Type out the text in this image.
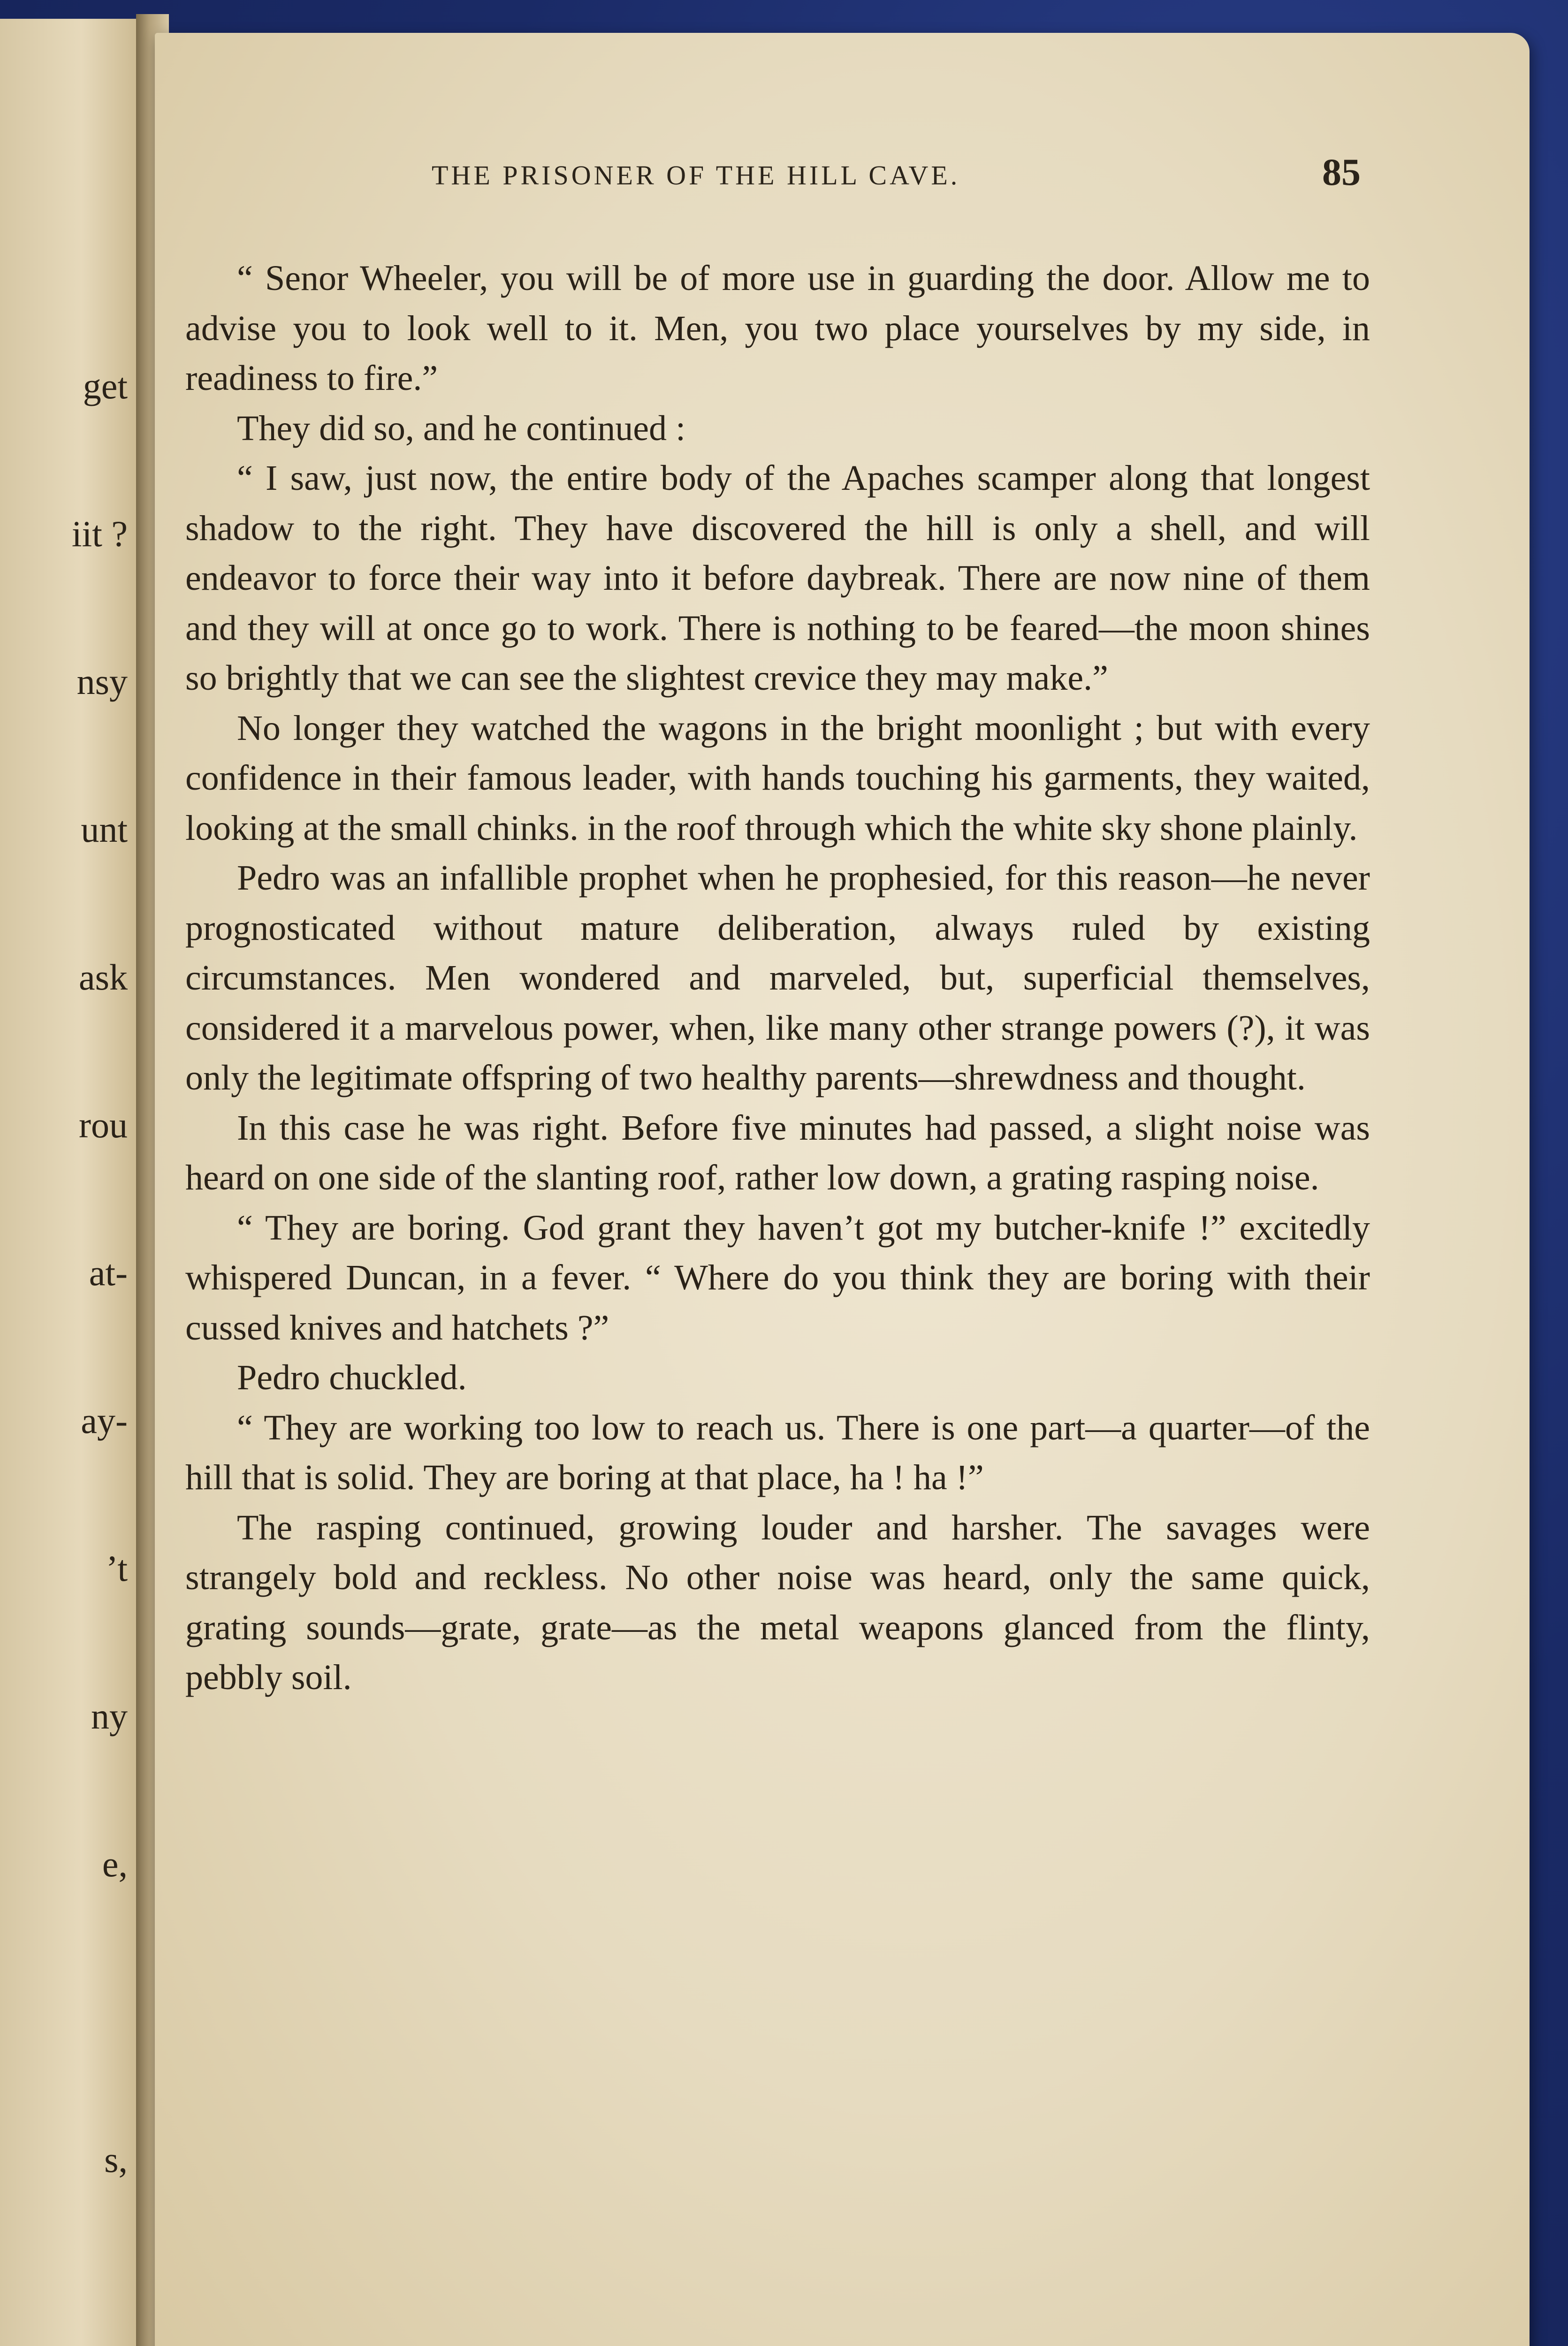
get

iit ?

nsy

unt

ask

rou

at-

ay-

’t

ny

e,

s,

THE PRISONER OF THE HILL CAVE.	85

“ Senor Wheeler, you will be of more use in guarding the door. Allow me to advise you to look well to it. Men, you two place yourselves by my side, in readiness to fire.”

They did so, and he continued :

“ I saw, just now, the entire body of the Apaches scamper along that longest shadow to the right. They have discovered the hill is only a shell, and will endeavor to force their way into it before daybreak. There are now nine of them and they will at once go to work. There is nothing to be feared—the moon shines so brightly that we can see the slightest crevice they may make.”

No longer they watched the wagons in the bright moonlight ; but with every confidence in their famous leader, with hands touching his garments, they waited, looking at the small chinks. in the roof through which the white sky shone plainly.

Pedro was an infallible prophet when he prophesied, for this reason—he never prognosticated without mature deliberation, always ruled by existing circumstances. Men wondered and marveled, but, superficial themselves, considered it a marvelous power, when, like many other strange powers (?), it was only the legitimate offspring of two healthy parents—shrewdness and thought.

In this case he was right. Before five minutes had passed, a slight noise was heard on one side of the slanting roof, rather low down, a grating rasping noise.

“ They are boring. God grant they haven’t got my butcher-knife !” excitedly whispered Duncan, in a fever. “ Where do you think they are boring with their cussed knives and hatchets ?”

Pedro chuckled.

“ They are working too low to reach us. There is one part—a quarter—of the hill that is solid. They are boring at that place, ha ! ha !”

The rasping continued, growing louder and harsher. The savages were strangely bold and reckless. No other noise was heard, only the same quick, grating sounds—grate, grate—as the metal weapons glanced from the flinty, pebbly soil.
